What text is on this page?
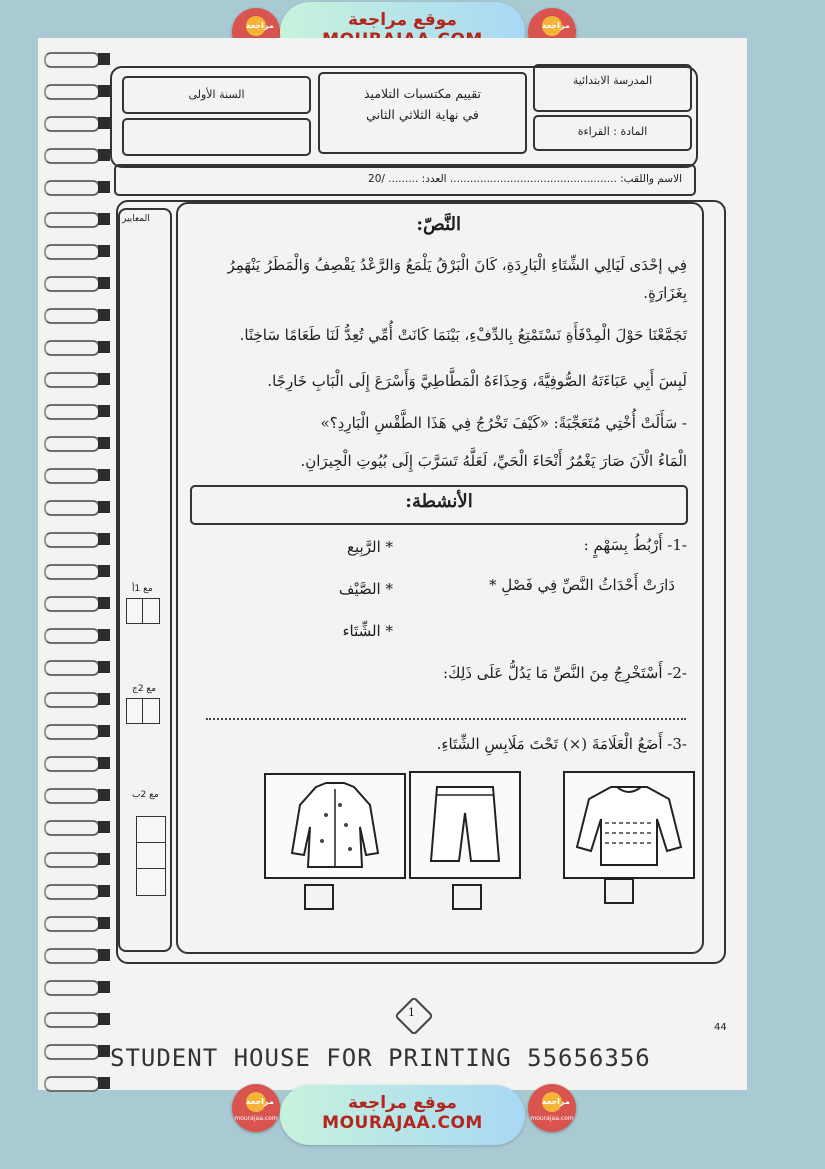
مراجعة	موقع مراجعة	مراجعة
المدرسة الابتدائية
المادة : القراءة
تقييم مكتسبات التلاميذ
في نهاية الثلاثي الثاني
السنة الأولى
الاسم واللقب: .................................................. العدد: ......... /20
المعايير
مع 1أ
مع 2ج
مع 2ب
النَّصّ:
فِي إحْدَى لَيَالِي الشِّتَاءِ الْبَارِدَةِ، كَانَ الْبَرْقُ يَلْمَعُ وَالرَّعْدُ يَقْصِفُ وَالْمَطَرُ يَنْهَمِرُ
بِغَزَارَةٍ.
تَجَمَّعْنَا حَوْلَ الْمِدْفَأَةِ نَسْتَمْتِعُ بِالدِّفْءِ، بَيْنَمَا كَانَتْ أُمِّي تُعِدُّ لَنَا طَعَامًا سَاخِنًا.
لَبِسَ أَبِي عَبَاءَتَهُ الصُّوفِيَّةَ، وَحِذَاءَهُ الْمَطَّاطِيَّ وَأَسْرَعَ إِلَى الْبَابِ خَارِجًا.
- سَأَلَتْ أُخْتِي مُتَعَجِّبَةً: «كَيْفَ تَخْرُجُ فِي هَذَا الطَّقْسِ الْبَارِدِ؟»
الْمَاءُ الْآنَ صَارَ يَغْمُرُ أَنْحَاءَ الْحَيِّ، لَعَلَّهُ تَسَرَّبَ إِلَى بُيُوتِ الْجِيرَانِ.
الأنشطة:
-1- أَرْبُطُ بِسَهْمٍ :
دَارَتْ أَحْدَاثُ النَّصِّ فِي فَصْلِ *
* الرَّبِيع
* الصَّيْف
* الشِّتَاء
-2- أَسْتَخْرِجُ مِنَ النَّصِّ مَا يَدُلُّ عَلَى ذَلِكَ:
-3- أَضَعُ الْعَلَامَةَ (×) تَحْتَ مَلَابِسِ الشِّتَاءِ.
1
44
STUDENT HOUSE FOR PRINTING 55656356
مراجعة
mourajaa.com
موقع مراجعة
MOURAJAA.COM
مراجعة
mourajaa.com
